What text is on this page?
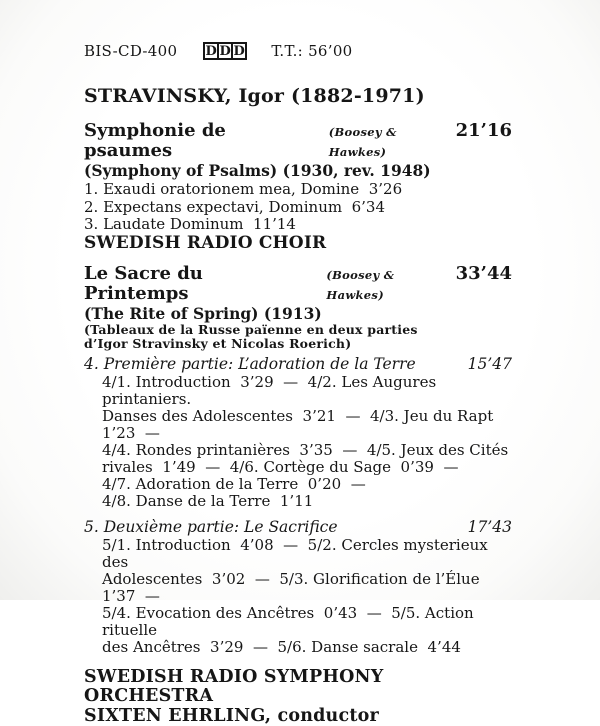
BIS-CD-400 D D D T.T.: 56’00
STRAVINSKY, Igor (1882-1971)
Symphonie de psaumes
(Boosey & Hawkes)
21’16
(Symphony of Psalms) (1930, rev. 1948)
1. Exaudi oratorionem mea, Domine  3’26
2. Expectans expectavi, Dominum  6’34
3. Laudate Dominum  11’14
SWEDISH RADIO CHOIR
Le Sacre du Printemps
(Boosey & Hawkes)
33’44
(The Rite of Spring) (1913)
(Tableaux de la Russe païenne en deux parties
d’Igor Stravinsky et Nicolas Roerich)
4. Première partie: L’adoration de la Terre	15’47
4/1. Introduction  3’29  —  4/2. Les Augures printaniers.
Danses des Adolescentes  3’21  —  4/3. Jeu du Rapt  1’23  —
4/4. Rondes printanières  3’35  —  4/5. Jeux des Cités
rivales  1’49  —  4/6. Cortège du Sage  0’39  —
4/7. Adoration de la Terre  0’20  —
4/8. Danse de la Terre  1’11
5. Deuxième partie: Le Sacrifice	17’43
5/1. Introduction  4’08  —  5/2. Cercles mysterieux des
Adolescentes  3’02  —  5/3. Glorification de l’Élue  1’37  —
5/4. Evocation des Ancêtres  0’43  —  5/5. Action rituelle
des Ancêtres  3’29  —  5/6. Danse sacrale  4’44
SWEDISH RADIO SYMPHONY ORCHESTRA
SIXTEN EHRLING, conductor
